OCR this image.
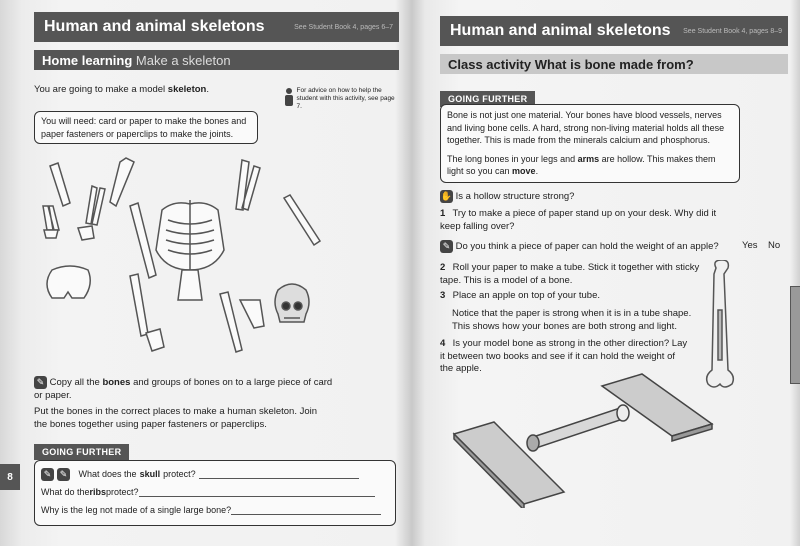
Human and animal skeletons	See Student Book 4, pages 6–7
Home learning
Make a skeleton
You are going to make a model skeleton.	For advice on how to help the student with this activity, see page 7.
You will need: card or paper to make the bones and paper fasteners or paperclips to make the joints.
✎ Copy all the bones and groups of bones on to a large piece of card or paper.
Put the bones in the correct places to make a human skeleton. Join the bones together using paper fasteners or paperclips.
GOING FURTHER
✎ ✎
	What does the skull protect?
What do the ribs protect?
Why is the leg not made of a single large bone?
8
Human and animal skeletons See Student Book 4, pages 8–9
Class activity
What is bone made from?
GOING FURTHER
Bone is not just one material. Your bones have blood vessels, nerves and living bone cells. A hard, strong non-living material holds all these together. This is made from the minerals calcium and phosphorus.
The long bones in your legs and arms are hollow. This makes them light so you can move.
✋ Is a hollow structure strong?
1 Try to make a piece of paper stand up on your desk. Why did it keep falling over?
✎ Do you think a piece of paper can hold the weight of an apple? Yes No
2 Roll your paper to make a tube. Stick it together with sticky tape. This is a model of a bone.
3 Place an apple on top of your tube.
Notice that the paper is strong when it is in a tube shape. This shows how your bones are both strong and light.
4 Is your model bone as strong in the other direction? Lay it between two books and see if it can hold the weight of the apple.
